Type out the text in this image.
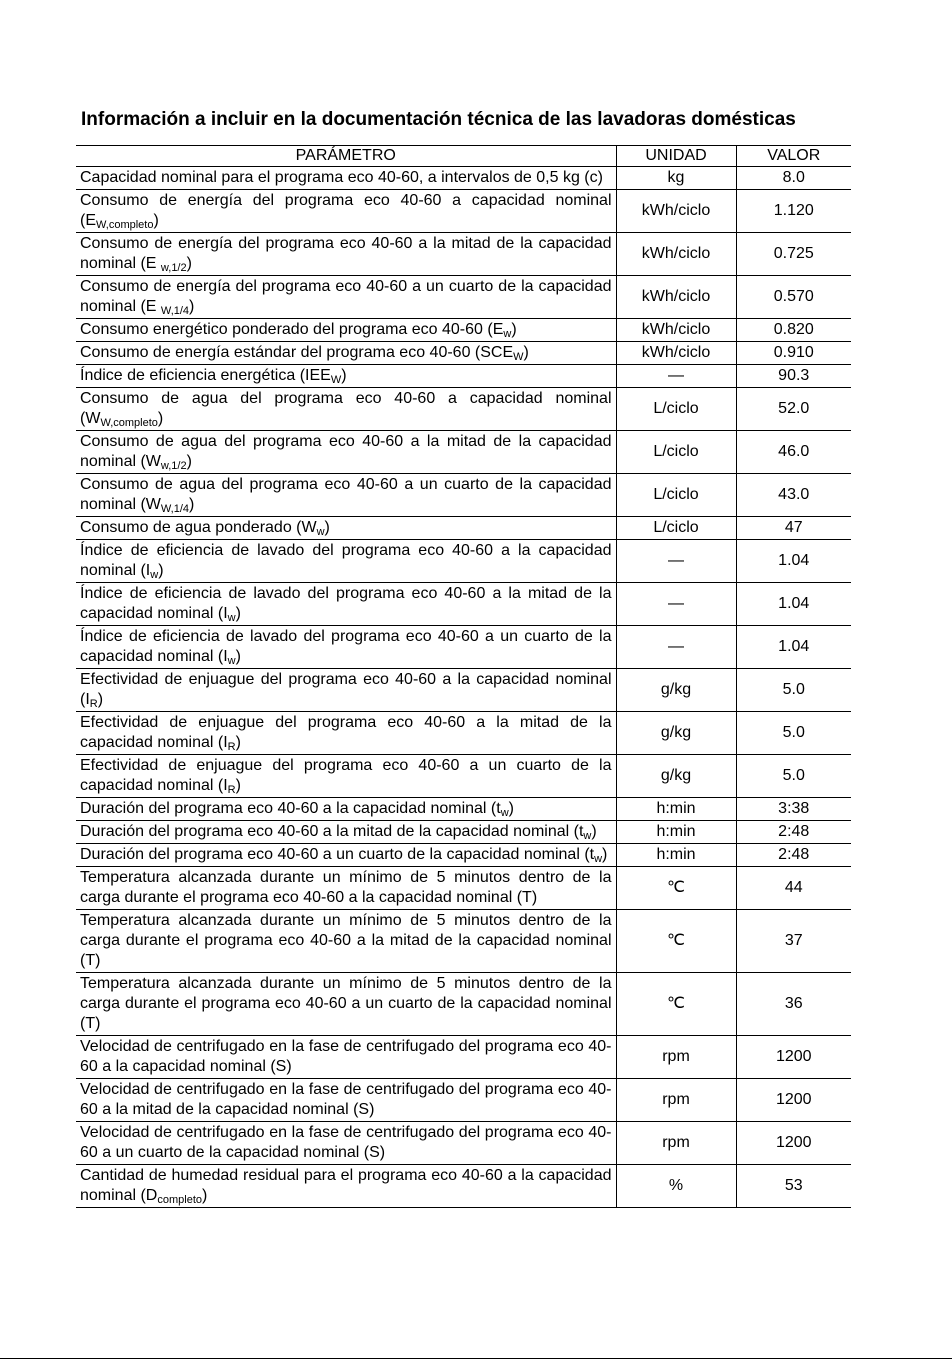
Información a incluir en la documentación técnica de las lavadoras domésticas
PARÁMETRO	UNIDAD	VALOR
Capacidad nominal para el programa eco 40-60, a intervalos de 0,5 kg (c)	kg	8.0
Consumo de energía del programa eco 40-60 a capacidad nominal $(E_{W,completo})$	kWh/ciclo	1.120
Consumo de energía del programa eco 40-60 a la mitad de la capacidad nominal (E $_{w,1/2}$)	kWh/ciclo	0.725
Consumo de energía del programa eco 40-60 a un cuarto de la capacidad nominal (E $_{W,1/4}$)	kWh/ciclo	0.570
Consumo energético ponderado del programa eco 40-60 $(E_w)$	kWh/ciclo	0.820
Consumo de energía estándar del programa eco 40-60 $(SCE_W)$	kWh/ciclo	0.910
Índice de eficiencia energética $(IEE_W)$	—	90.3
Consumo de agua del programa eco 40-60 a capacidad nominal $(W_{W,completo})$	L/ciclo	52.0
Consumo de agua del programa eco 40-60 a la mitad de la capacidad nominal $(W_{w,1/2})$	L/ciclo	46.0
Consumo de agua del programa eco 40-60 a un cuarto de la capacidad nominal $(W_{W,1/4})$	L/ciclo	43.0
Consumo de agua ponderado $(W_w)$	L/ciclo	47
Índice de eficiencia de lavado del programa eco 40-60 a la capacidad nominal $(I_w)$	—	1.04
Índice de eficiencia de lavado del programa eco 40-60 a la mitad de la capacidad nominal $(I_w)$	—	1.04
Índice de eficiencia de lavado del programa eco 40-60 a un cuarto de la capacidad nominal $(I_w)$	—	1.04
Efectividad de enjuague del programa eco 40-60 a la capacidad nominal $(I_R)$	g/kg	5.0
Efectividad de enjuague del programa eco 40-60 a la mitad de la capacidad nominal $(I_R)$	g/kg	5.0
Efectividad de enjuague del programa eco 40-60 a un cuarto de la capacidad nominal $(I_R)$	g/kg	5.0
Duración del programa eco 40-60 a la capacidad nominal $(t_w)$	h:min	3:38
Duración del programa eco 40-60 a la mitad de la capacidad nominal $(t_w)$	h:min	2:48
Duración del programa eco 40-60 a un cuarto de la capacidad nominal $(t_w)$	h:min	2:48
Temperatura alcanzada durante un mínimo de 5 minutos dentro de la carga durante el programa eco 40-60 a la capacidad nominal (T)	℃	44
Temperatura alcanzada durante un mínimo de 5 minutos dentro de la carga durante el programa eco 40-60 a la mitad de la capacidad nominal (T)	℃	37
Temperatura alcanzada durante un mínimo de 5 minutos dentro de la carga durante el programa eco 40-60 a un cuarto de la capacidad nominal (T)	℃	36
Velocidad de centrifugado en la fase de centrifugado del programa eco 40-60 a la capacidad nominal (S)	rpm	1200
Velocidad de centrifugado en la fase de centrifugado del programa eco 40-60 a la mitad de la capacidad nominal (S)	rpm	1200
Velocidad de centrifugado en la fase de centrifugado del programa eco 40-60 a un cuarto de la capacidad nominal (S)	rpm	1200
Cantidad de humedad residual para el programa eco 40-60 a la capacidad nominal $(D_{completo})$	%	53
